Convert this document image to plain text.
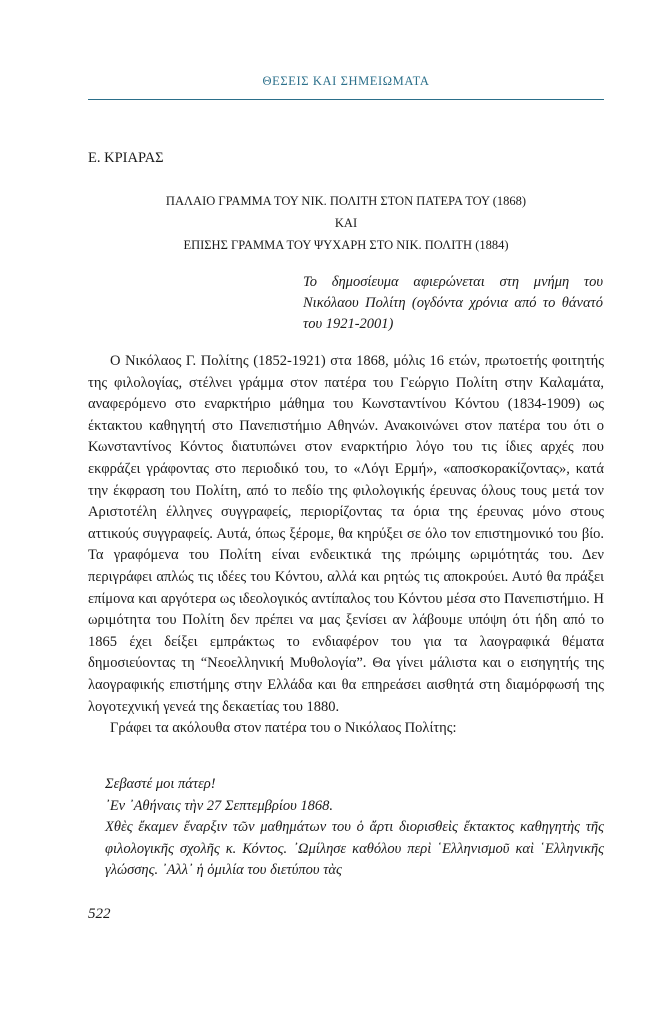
ΘΕΣΕΙΣ ΚΑΙ ΣΗΜΕΙΩΜΑΤΑ
Ε. ΚΡΙΑΡΑΣ
ΠΑΛΑΙΟ ΓΡΑΜΜΑ ΤΟΥ ΝΙΚ. ΠΟΛΙΤΗ ΣΤΟΝ ΠΑΤΕΡΑ ΤΟΥ (1868)
ΚΑΙ
ΕΠΙΣΗΣ ΓΡΑΜΜΑ ΤΟΥ ΨΥΧΑΡΗ ΣΤΟ ΝΙΚ. ΠΟΛΙΤΗ (1884)
Το δημοσίευμα αφιερώνεται στη μνήμη του Νικόλαου Πολίτη (ογδόντα χρόνια από το θάνατό του 1921-2001)

Ο Νικόλαος Γ. Πολίτης (1852-1921) στα 1868, μόλις 16 ετών, πρωτοετής φοιτητής της φιλολογίας, στέλνει γράμμα στον πατέρα του Γεώργιο Πολίτη στην Καλαμάτα, αναφερόμενο στο εναρκτήριο μάθημα του Κωνσταντίνου Κόντου (1834-1909) ως έκτακτου καθηγητή στο Πανεπιστήμιο Αθηνών. Ανακοινώνει στον πατέρα του ότι ο Κωνσταντίνος Κόντος διατυπώνει στον εναρκτήριο λόγο του τις ίδιες αρχές που εκφράζει γράφοντας στο περιοδικό του, το «Λόγι Ερμή», «αποσκορακίζοντας», κατά την έκφραση του Πολίτη, από το πεδίο της φιλολογικής έρευνας όλους τους μετά τον Αριστοτέλη έλληνες συγγραφείς, περιορίζοντας τα όρια της έρευνας μόνο στους αττικούς συγγραφείς. Αυτά, όπως ξέρομε, θα κηρύξει σε όλο τον επιστημονικό του βίο. Τα γραφόμενα του Πολίτη είναι ενδεικτικά της πρώιμης ωριμότητάς του. Δεν περιγράφει απλώς τις ιδέες του Κόντου, αλλά και ρητώς τις αποκρούει. Αυτό θα πράξει επίμονα και αργότερα ως ιδεολογικός αντίπαλος του Κόντου μέσα στο Πανεπιστήμιο. Η ωριμότητα του Πολίτη δεν πρέπει να μας ξενίσει αν λάβουμε υπόψη ότι ήδη από το 1865 έχει δείξει εμπράκτως το ενδιαφέρον του για τα λαογραφικά θέματα δημοσιεύοντας τη “Νεοελληνική Μυθολογία”. Θα γίνει μάλιστα και ο εισηγητής της λαογραφικής επιστήμης στην Ελλάδα και θα επηρεάσει αισθητά στη διαμόρφωσή της λογοτεχνική γενεά της δεκαετίας του 1880.

Γράφει τα ακόλουθα στον πατέρα του ο Νικόλαος Πολίτης:

Σεβαστέ μοι πάτερ!

᾿Εν ᾿Αθήναις τὴν 27 Σεπτεμβρίου 1868.

Χθὲς ἔκαμεν ἔναρξιν τῶν μαθημάτων του ὁ ἄρτι διορισθεὶς ἔκτακτος καθηγητὴς τῆς φιλολογικῆς σχολῆς κ. Κόντος. ᾿Ωμίλησε καθόλου περὶ ῾Ελληνισμοῦ καὶ ῾Ελληνικῆς γλώσσης. ᾿Αλλ᾿ ἡ ὁμιλία του διετύπου τὰς

522
